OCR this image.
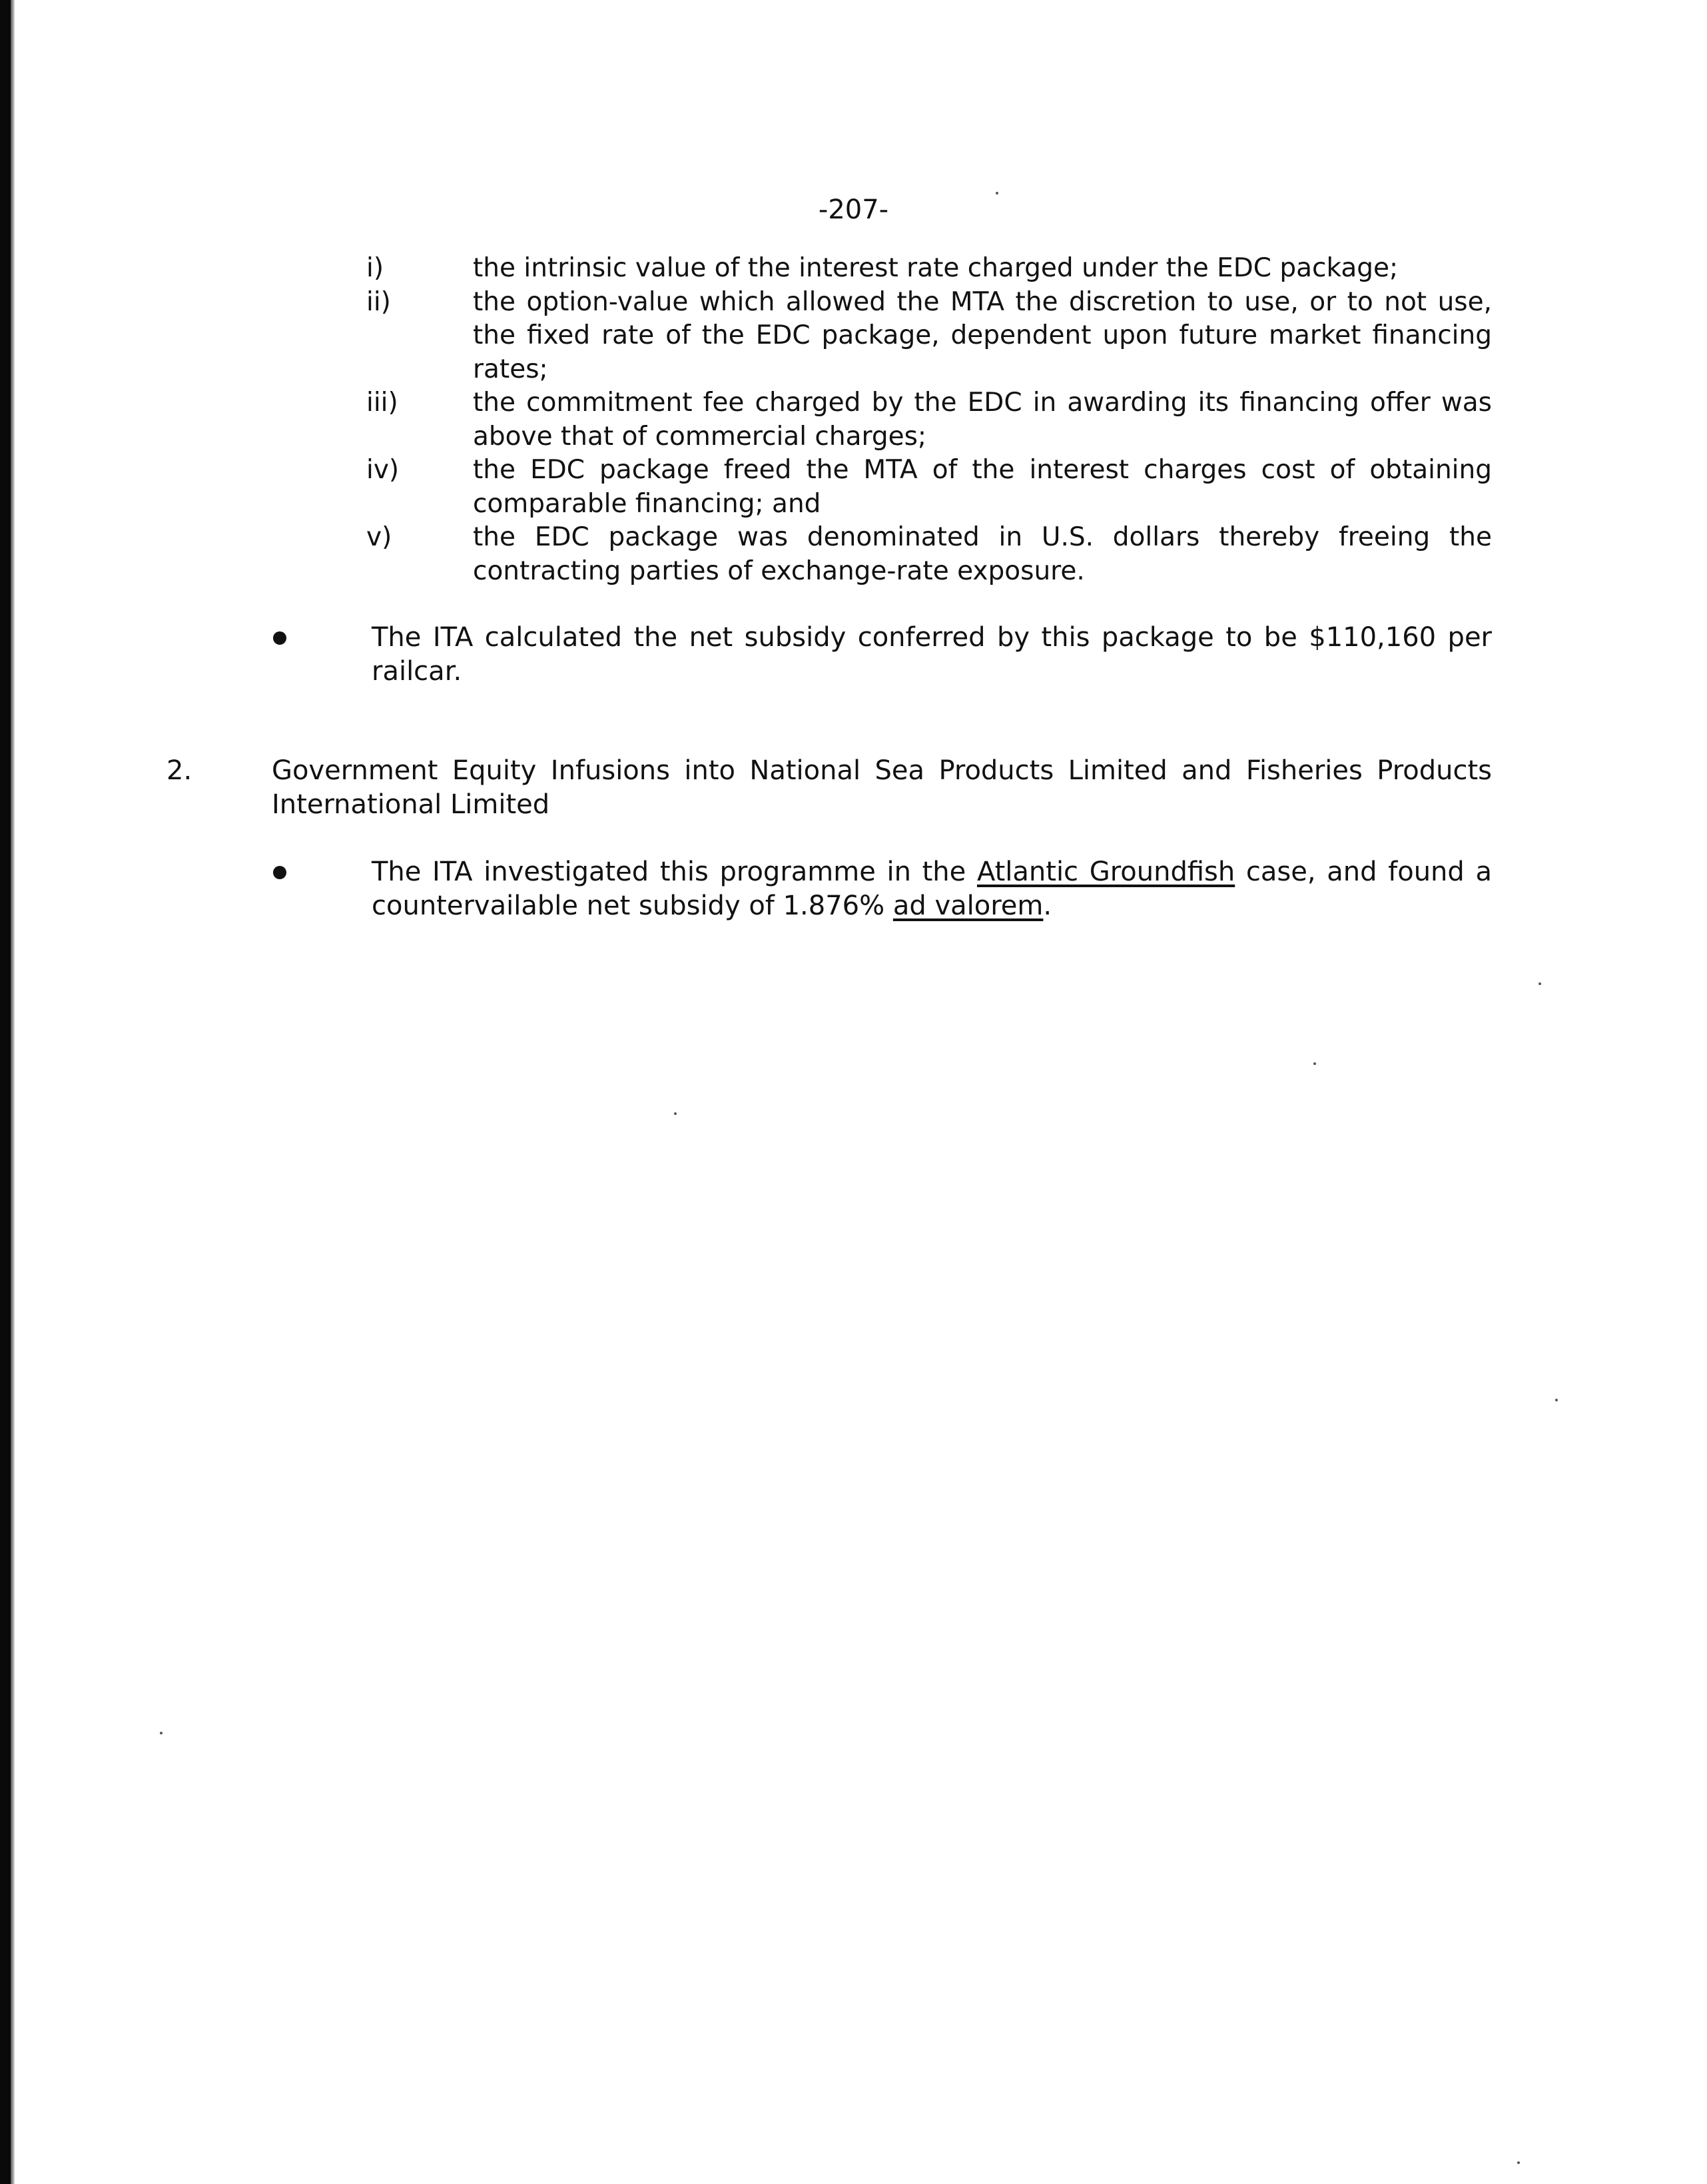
-207-
i)	the intrinsic value of the interest rate charged under the EDC package;
ii)	the option-value which allowed the MTA the discretion to use, or to not use, the fixed rate of the EDC package, dependent upon future market financing rates;
iii)	the commitment fee charged by the EDC in awarding its financing offer was above that of commercial charges;
iv)	the EDC package freed the MTA of the interest charges cost of obtaining comparable financing; and
v)	the EDC package was denominated in U.S. dollars thereby freeing the contracting parties of exchange-rate exposure.
The ITA calculated the net subsidy conferred by this package to be $110,160 per railcar.
2.	Government Equity Infusions into National Sea Products Limited and Fisheries Products International Limited
The ITA investigated this programme in the Atlantic Groundfish case, and found a countervailable net subsidy of 1.876% ad valorem.
